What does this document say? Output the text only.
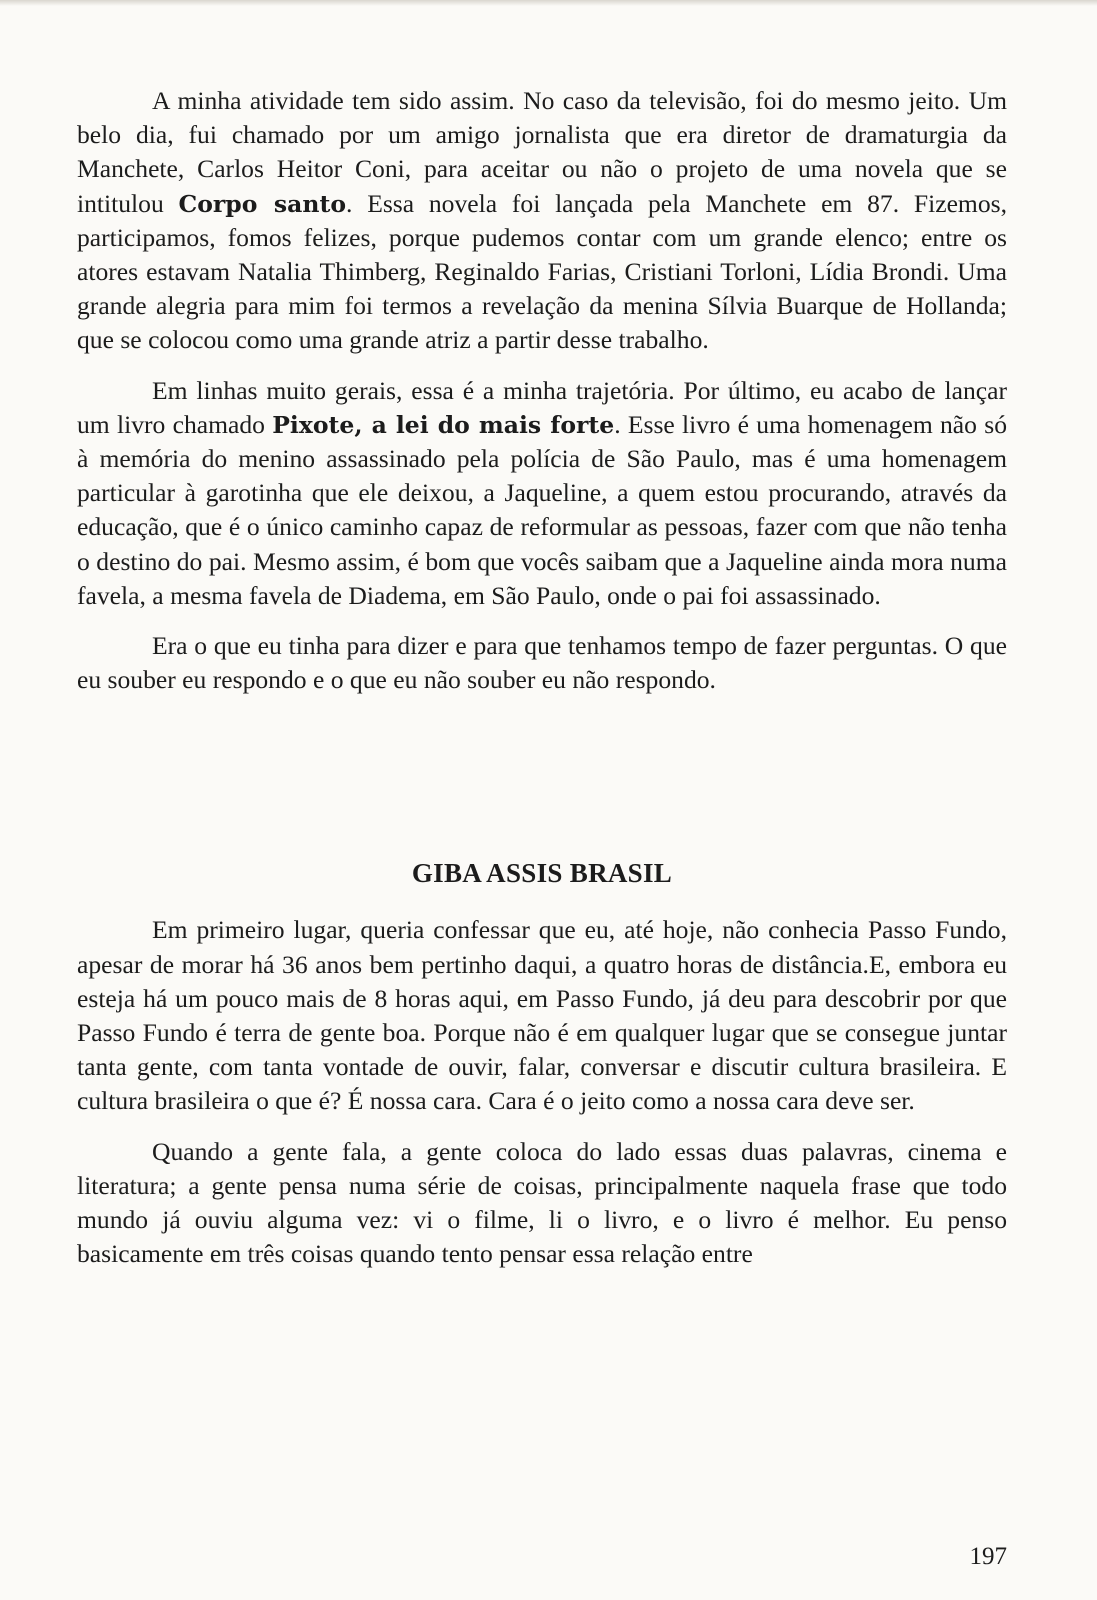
A minha atividade tem sido assim. No caso da televisão, foi do mesmo jeito. Um belo dia, fui chamado por um amigo jornalista que era diretor de dramaturgia da Manchete, Carlos Heitor Coni, para aceitar ou não o projeto de uma novela que se intitulou Corpo santo. Essa novela foi lançada pela Manchete em 87. Fizemos, participamos, fomos felizes, porque pudemos contar com um grande elenco; entre os atores estavam Natalia Thimberg, Reginaldo Farias, Cristiani Torloni, Lídia Brondi. Uma grande alegria para mim foi termos a revelação da menina Sílvia Buarque de Hollanda; que se colocou como uma grande atriz a partir desse trabalho.

Em linhas muito gerais, essa é a minha trajetória. Por último, eu acabo de lançar um livro chamado Pixote, a lei do mais forte. Esse livro é uma homenagem não só à memória do menino assassinado pela polícia de São Paulo, mas é uma homenagem particular à garotinha que ele deixou, a Jaqueline, a quem estou procurando, através da educação, que é o único caminho capaz de reformular as pessoas, fazer com que não tenha o destino do pai. Mesmo assim, é bom que vocês saibam que a Jaqueline ainda mora numa favela, a mesma favela de Diadema, em São Paulo, onde o pai foi assassinado.

Era o que eu tinha para dizer e para que tenhamos tempo de fazer perguntas. O que eu souber eu respondo e o que eu não souber eu não respondo.

GIBA ASSIS BRASIL

Em primeiro lugar, queria confessar que eu, até hoje, não conhecia Passo Fundo, apesar de morar há 36 anos bem pertinho daqui, a quatro horas de distância.E, embora eu esteja há um pouco mais de 8 horas aqui, em Passo Fundo, já deu para descobrir por que Passo Fundo é terra de gente boa. Porque não é em qualquer lugar que se consegue juntar tanta gente, com tanta vontade de ouvir, falar, conversar e discutir cultura brasileira. E cultura brasileira o que é? É nossa cara. Cara é o jeito como a nossa cara deve ser.

Quando a gente fala, a gente coloca do lado essas duas palavras, cinema e literatura; a gente pensa numa série de coisas, principalmente naquela frase que todo mundo já ouviu alguma vez: vi o filme, li o livro, e o livro é melhor. Eu penso basicamente em três coisas quando tento pensar essa relação entre

197
